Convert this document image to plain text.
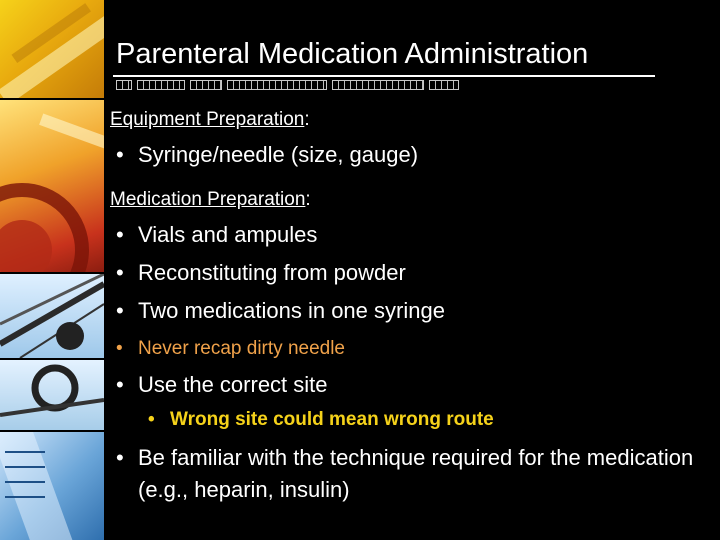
Parenteral Medication Administration

Equipment Preparation:

• Syringe/needle (size, gauge)

Medication Preparation:

• Vials and ampules
• Reconstituting from powder
• Two medications in one syringe
• Never recap dirty needle
• Use the correct site
• Wrong site could mean wrong route
• Be familiar with the technique required for the medication (e.g., heparin, insulin)
